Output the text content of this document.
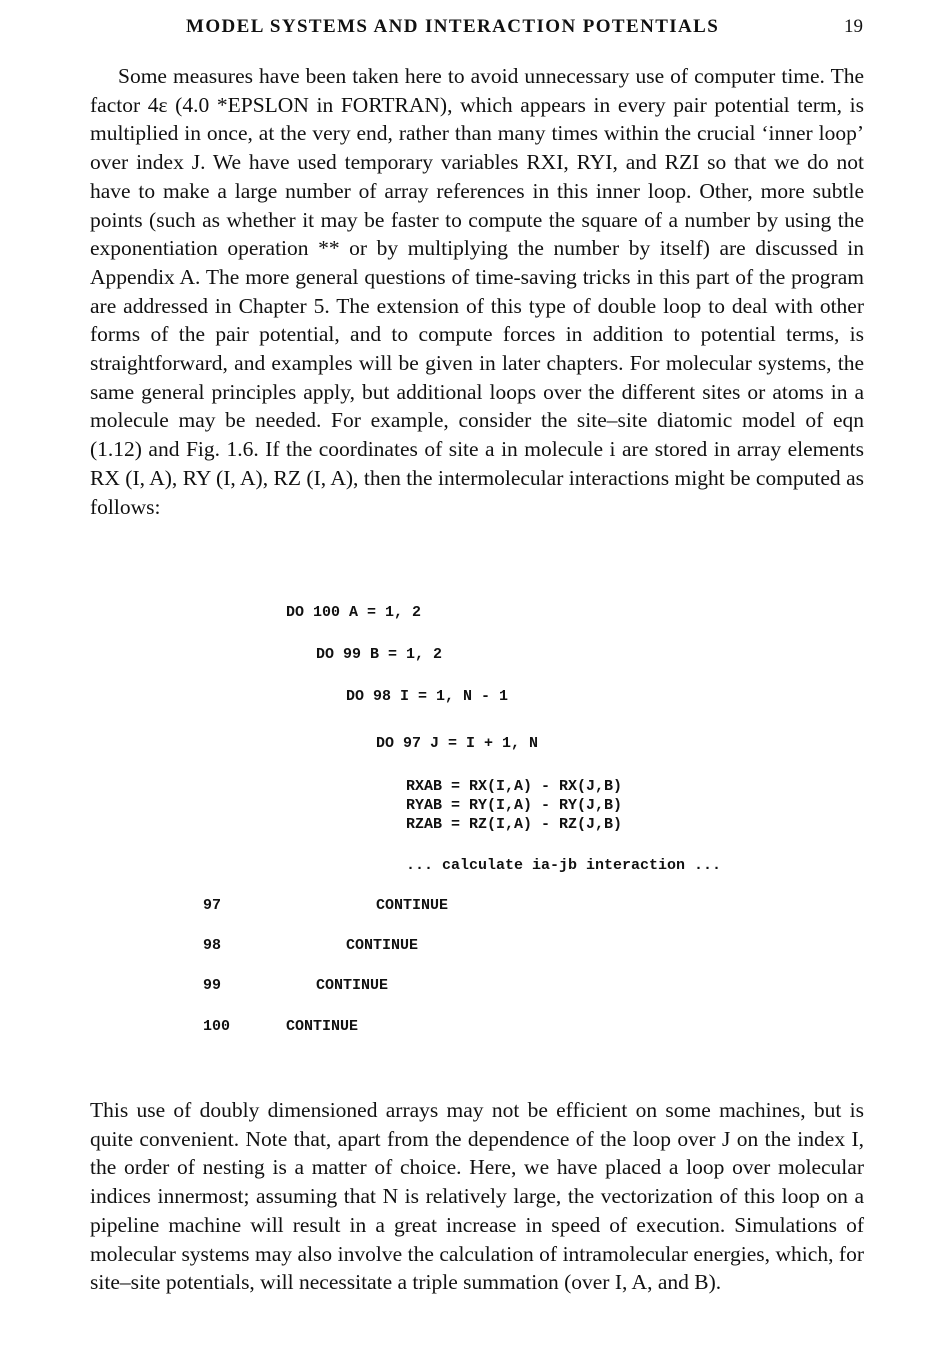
MODEL SYSTEMS AND INTERACTION POTENTIALS	19

Some measures have been taken here to avoid unnecessary use of computer time. The factor 4ε (4.0 *EPSLON in FORTRAN), which appears in every pair potential term, is multiplied in once, at the very end, rather than many times within the crucial ‘inner loop’ over index J. We have used temporary variables RXI, RYI, and RZI so that we do not have to make a large number of array references in this inner loop. Other, more subtle points (such as whether it may be faster to compute the square of a number by using the exponentiation operation ** or by multiplying the number by itself) are discussed in Appendix A. The more general questions of time-saving tricks in this part of the program are addressed in Chapter 5. The extension of this type of double loop to deal with other forms of the pair potential, and to compute forces in addition to potential terms, is straightforward, and examples will be given in later chapters. For molecular systems, the same general principles apply, but additional loops over the different sites or atoms in a molecule may be needed. For example, consider the site–site diatomic model of eqn (1.12) and Fig. 1.6. If the coordinates of site a in molecule i are stored in array elements RX (I, A), RY (I, A), RZ (I, A), then the intermolecular interactions might be computed as follows:

DO 100 A = 1, 2
DO 99 B = 1, 2
DO 98 I = 1, N - 1
DO 97 J = I + 1, N
RXAB = RX(I,A) - RX(J,B)
RYAB = RY(I,A) - RY(J,B)
RZAB = RZ(I,A) - RZ(J,B)
... calculate ia-jb interaction ...
97	CONTINUE
98	CONTINUE
99	CONTINUE
100	CONTINUE

This use of doubly dimensioned arrays may not be efficient on some machines, but is quite convenient. Note that, apart from the dependence of the loop over J on the index I, the order of nesting is a matter of choice. Here, we have placed a loop over molecular indices innermost; assuming that N is relatively large, the vectorization of this loop on a pipeline machine will result in a great increase in speed of execution. Simulations of molecular systems may also involve the calculation of intramolecular energies, which, for site–site potentials, will necessitate a triple summation (over I, A, and B).
